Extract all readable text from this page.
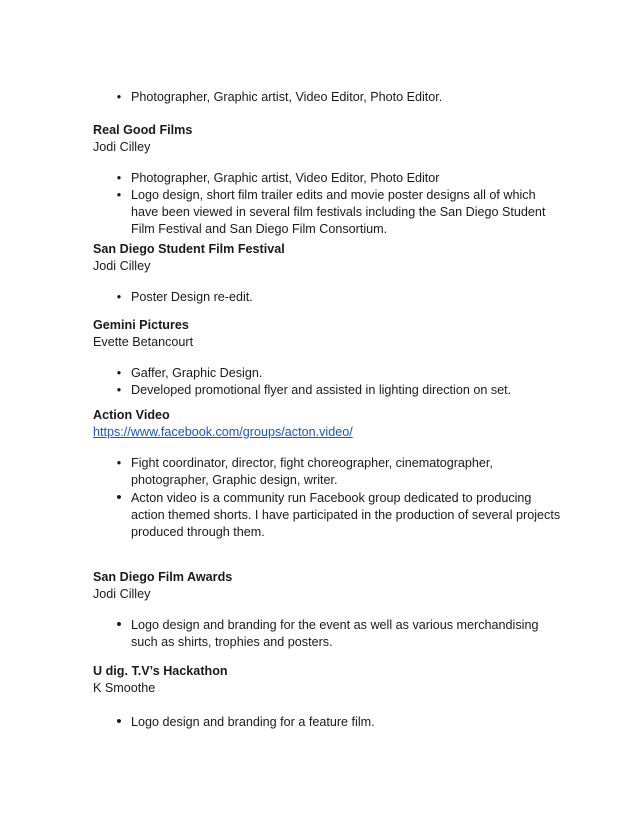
• Photographer, Graphic artist, Video Editor, Photo Editor.

Real Good Films

Jodi Cilley

• Photographer, Graphic artist, Video Editor, Photo Editor
• Logo design, short film trailer edits and movie poster designs all of which have been viewed in several film festivals including the San Diego Student Film Festival and San Diego Film Consortium.

San Diego Student Film Festival

Jodi Cilley

• Poster Design re-edit.

Gemini Pictures

Evette Betancourt

• Gaffer, Graphic Design.
• Developed promotional flyer and assisted in lighting direction on set.

Action Video

https://www.facebook.com/groups/acton.video/

• Fight coordinator, director, fight choreographer, cinematographer, photographer, Graphic design, writer.
• Acton video is a community run Facebook group dedicated to producing action themed shorts. I have participated in the production of several projects produced through them.

San Diego Film Awards

Jodi Cilley

• Logo design and branding for the event as well as various merchandising such as shirts, trophies and posters.

U dig. T.V’s Hackathon

K Smoothe

• Logo design and branding for a feature film.
